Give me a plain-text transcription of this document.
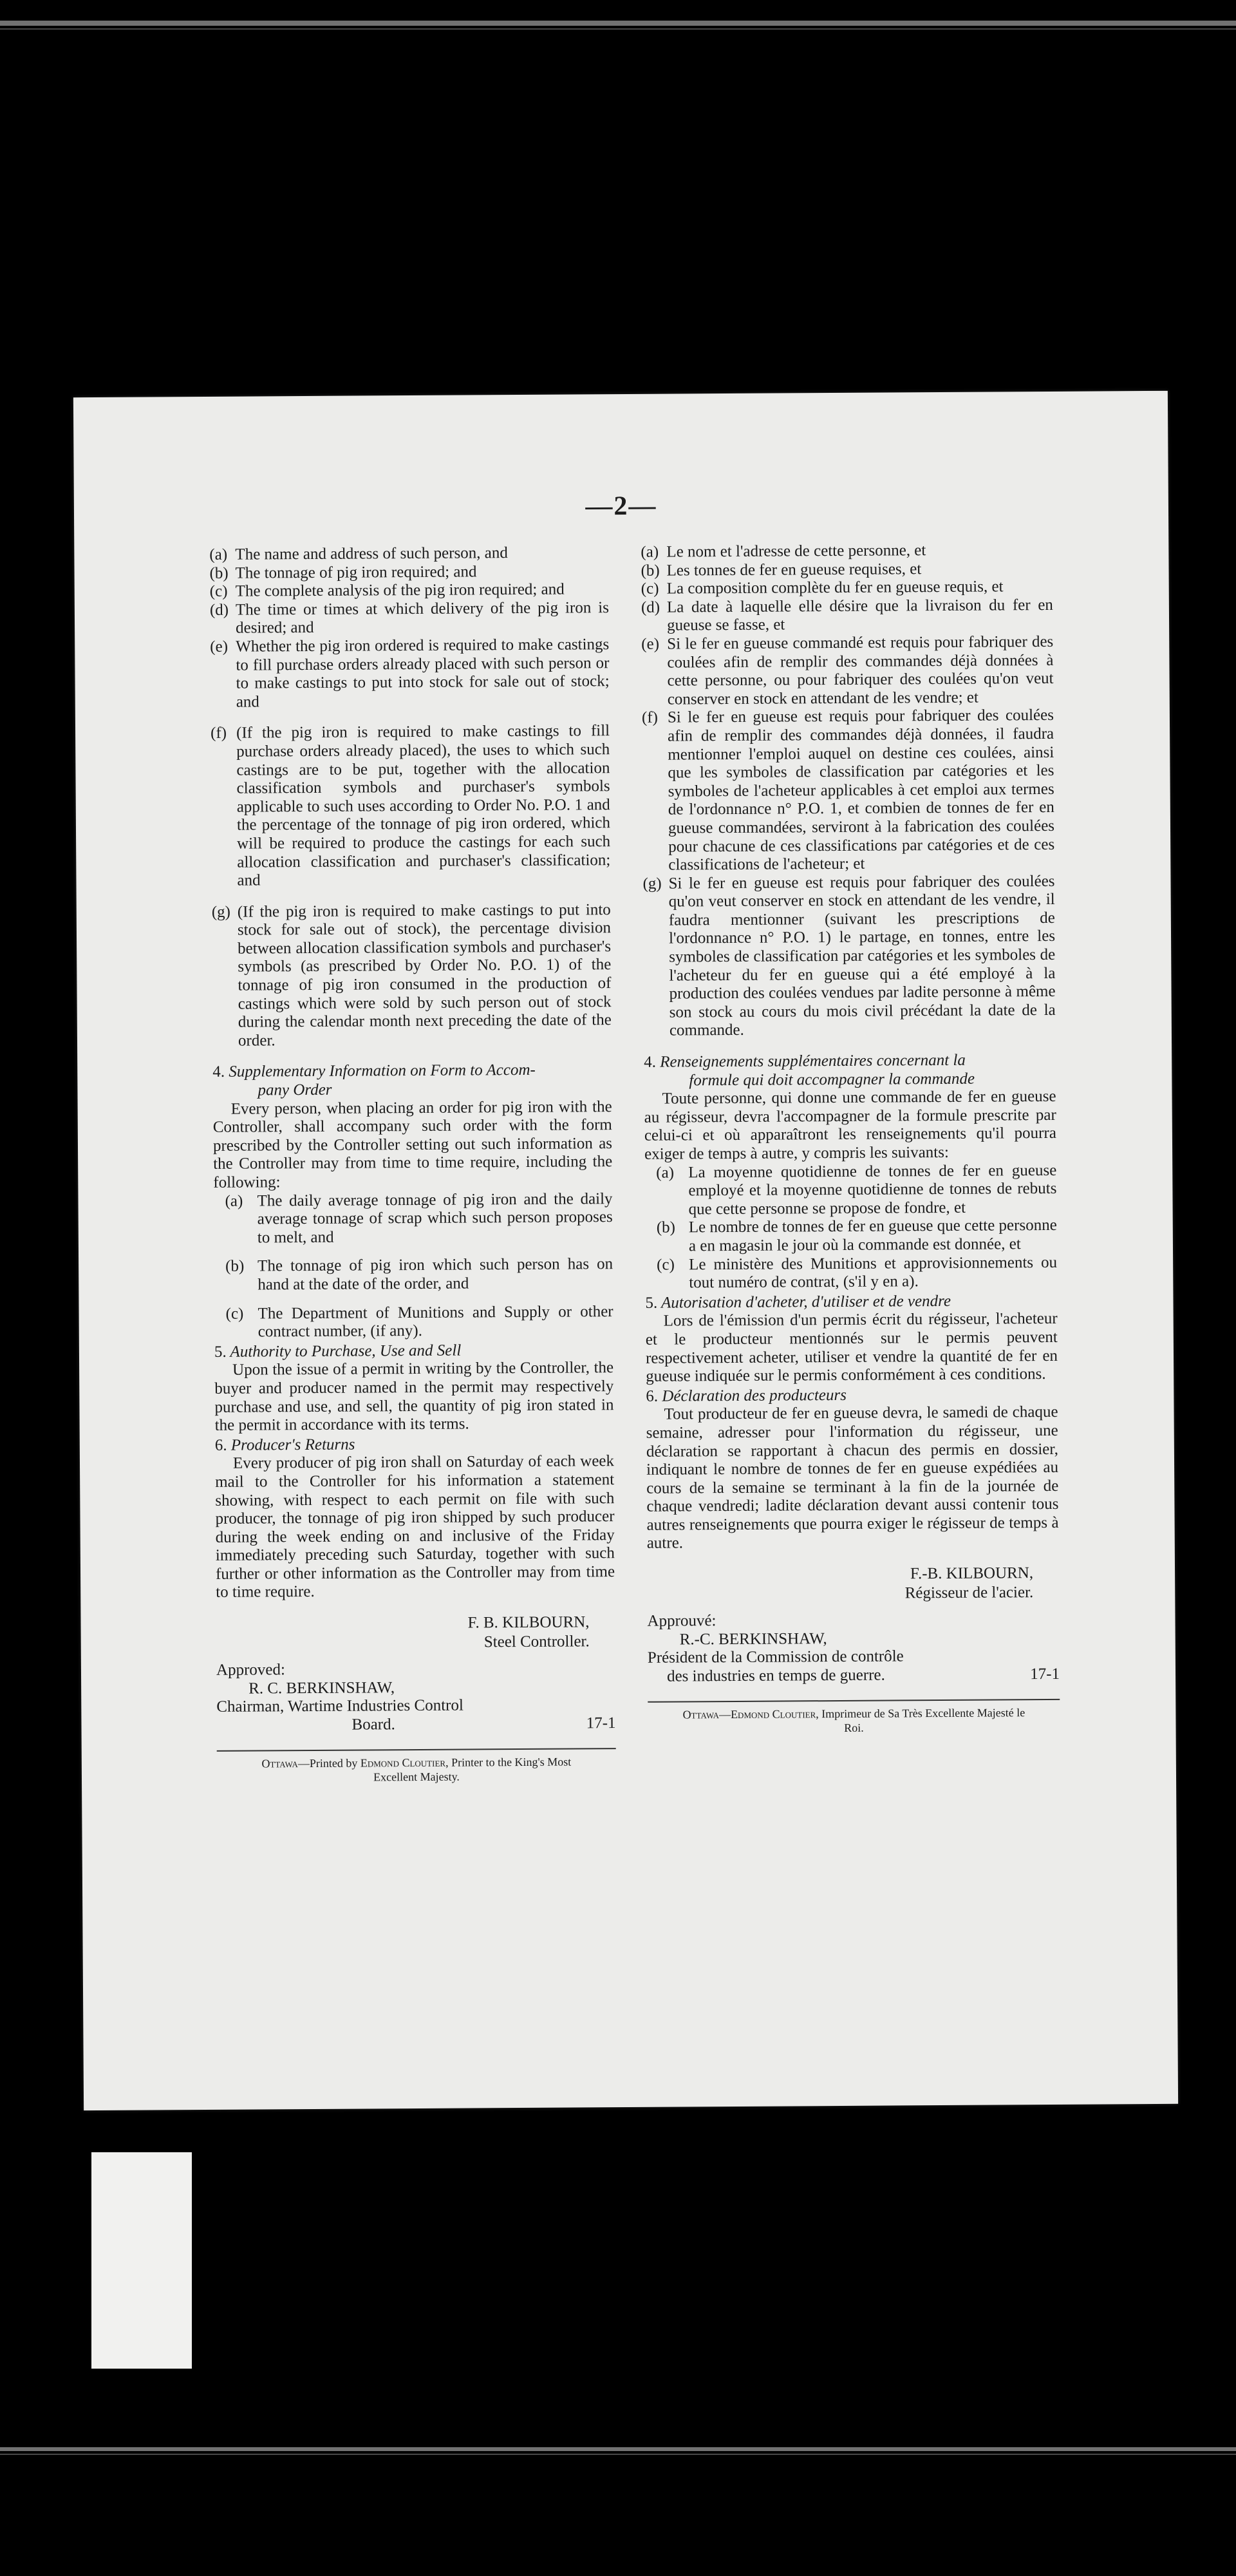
—2—
(a) The name and address of such person, and
(b) The tonnage of pig iron required; and
(c) The complete analysis of the pig iron required; and
(d) The time or times at which delivery of the pig iron is desired; and
(e) Whether the pig iron ordered is required to make castings to fill purchase orders already placed with such person or to make castings to put into stock for sale out of stock; and
(f) (If the pig iron is required to make castings to fill purchase orders already placed), the uses to which such castings are to be put, together with the allocation classification symbols and purchaser's symbols applicable to such uses according to Order No. P.O. 1 and the percentage of the tonnage of pig iron ordered, which will be required to produce the castings for each such allocation classification and purchaser's classification; and
(g) (If the pig iron is required to make castings to put into stock for sale out of stock), the percentage division between allocation classification symbols and purchaser's symbols (as prescribed by Order No. P.O. 1) of the tonnage of pig iron consumed in the production of castings which were sold by such person out of stock during the calendar month next preceding the date of the order.
4. Supplementary Information on Form to Accom-
pany Order
Every person, when placing an order for pig iron with the Controller, shall accompany such order with the form prescribed by the Controller setting out such information as the Controller may from time to time require, including the following:
(a) The daily average tonnage of pig iron and the daily average tonnage of scrap which such person proposes to melt, and
(b) The tonnage of pig iron which such person has on hand at the date of the order, and
(c) The Department of Munitions and Supply or other contract number, (if any).
5. Authority to Purchase, Use and Sell
Upon the issue of a permit in writing by the Controller, the buyer and producer named in the permit may respectively purchase and use, and sell, the quantity of pig iron stated in the permit in accordance with its terms.
6. Producer's Returns
Every producer of pig iron shall on Saturday of each week mail to the Controller for his information a statement showing, with respect to each permit on file with such producer, the tonnage of pig iron shipped by such producer during the week ending on and inclusive of the Friday immediately preceding such Saturday, together with such further or other information as the Controller may from time to time require.
F. B. KILBOURN,
Steel Controller.
Approved:
R. C. BERKINSHAW,
Chairman, Wartime Industries Control
Board.	17-1
Ottawa—Printed by Edmond Cloutier, Printer to the King's Most Excellent Majesty.
(a) Le nom et l'adresse de cette personne, et
(b) Les tonnes de fer en gueuse requises, et
(c) La composition complète du fer en gueuse requis, et
(d) La date à laquelle elle désire que la livraison du fer en gueuse se fasse, et
(e) Si le fer en gueuse commandé est requis pour fabriquer des coulées afin de remplir des commandes déjà données à cette personne, ou pour fabriquer des coulées qu'on veut conserver en stock en attendant de les vendre; et
(f) Si le fer en gueuse est requis pour fabriquer des coulées afin de remplir des commandes déjà données, il faudra mentionner l'emploi auquel on destine ces coulées, ainsi que les symboles de classification par catégories et les symboles de l'acheteur applicables à cet emploi aux termes de l'ordonnance n° P.O. 1, et combien de tonnes de fer en gueuse commandées, serviront à la fabrication des coulées pour chacune de ces classifications par catégories et de ces classifications de l'acheteur; et
(g) Si le fer en gueuse est requis pour fabriquer des coulées qu'on veut conserver en stock en attendant de les vendre, il faudra mentionner (suivant les prescriptions de l'ordonnance n° P.O. 1) le partage, en tonnes, entre les symboles de classification par catégories et les symboles de l'acheteur du fer en gueuse qui a été employé à la production des coulées vendues par ladite personne à même son stock au cours du mois civil précédant la date de la commande.
4. Renseignements supplémentaires concernant la
formule qui doit accompagner la commande
Toute personne, qui donne une commande de fer en gueuse au régisseur, devra l'accompagner de la formule prescrite par celui-ci et où apparaîtront les renseignements qu'il pourra exiger de temps à autre, y compris les suivants:
(a) La moyenne quotidienne de tonnes de fer en gueuse employé et la moyenne quotidienne de tonnes de rebuts que cette personne se propose de fondre, et
(b) Le nombre de tonnes de fer en gueuse que cette personne a en magasin le jour où la commande est donnée, et
(c) Le ministère des Munitions et approvisionnements ou tout numéro de contrat, (s'il y en a).
5. Autorisation d'acheter, d'utiliser et de vendre
Lors de l'émission d'un permis écrit du régisseur, l'acheteur et le producteur mentionnés sur le permis peuvent respectivement acheter, utiliser et vendre la quantité de fer en gueuse indiquée sur le permis conformément à ces conditions.
6. Déclaration des producteurs
Tout producteur de fer en gueuse devra, le samedi de chaque semaine, adresser pour l'information du régisseur, une déclaration se rapportant à chacun des permis en dossier, indiquant le nombre de tonnes de fer en gueuse expédiées au cours de la semaine se terminant à la fin de la journée de chaque vendredi; ladite déclaration devant aussi contenir tous autres renseignements que pourra exiger le régisseur de temps à autre.
F.-B. KILBOURN,
Régisseur de l'acier.
Approuvé:
R.-C. BERKINSHAW,
Président de la Commission de contrôle
des industries en temps de guerre.	17-1
Ottawa—Edmond Cloutier, Imprimeur de Sa Très Excellente Majesté le Roi.
